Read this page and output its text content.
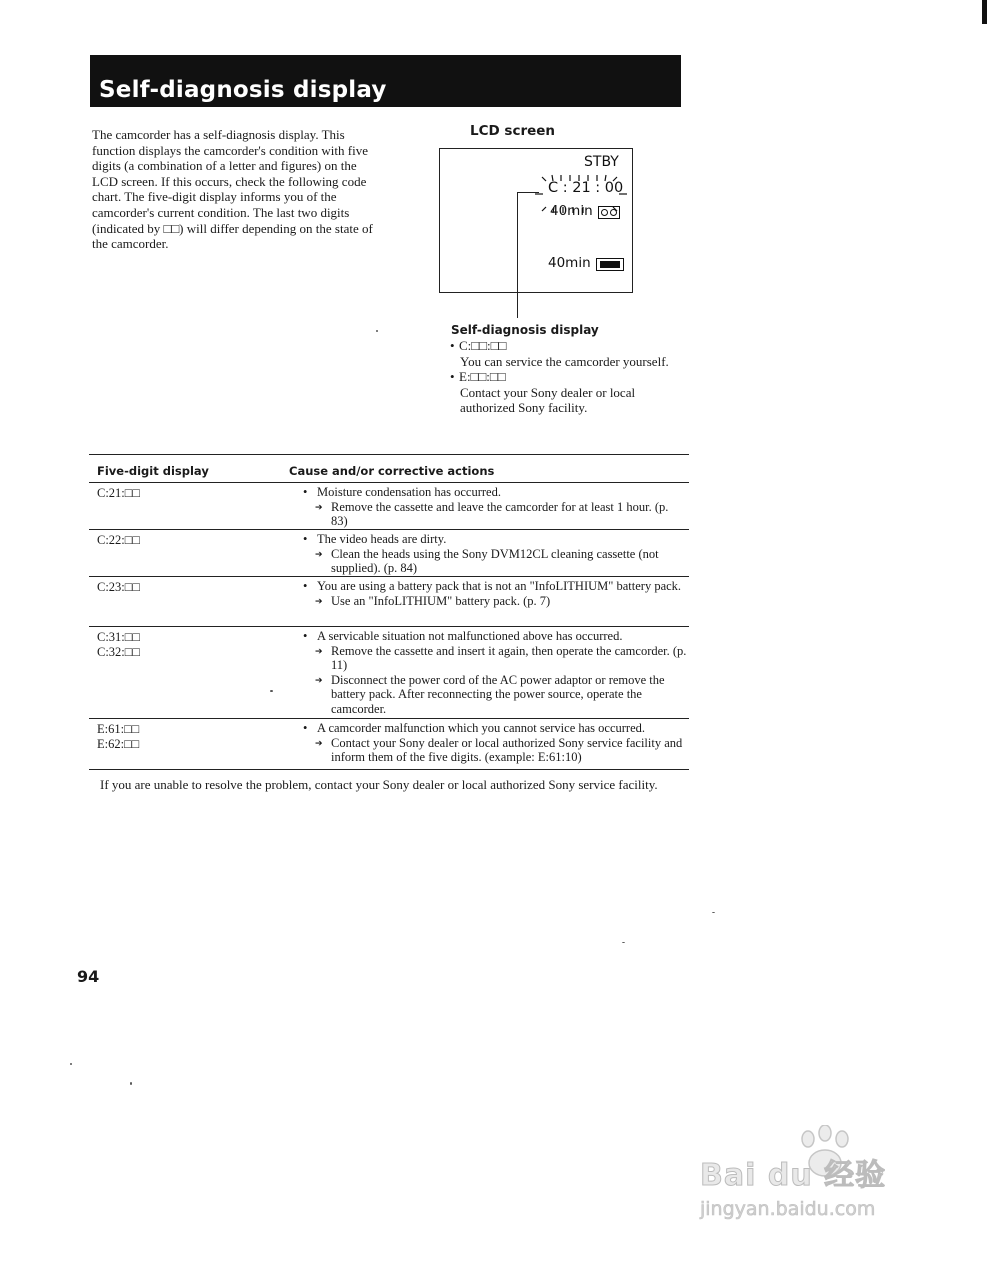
Self-diagnosis display

The camcorder has a self-diagnosis display. This function displays the camcorder's condition with five digits (a combination of a letter and figures) on the LCD screen. If this occurs, check the following code chart. The five-digit display informs you of the camcorder's current condition. The last two digits (indicated by □□) will differ depending on the state of the camcorder.

LCD screen
STBY
C : 21 : 00
40min
40min
Self-diagnosis display

• C:□□:□□

You can service the camcorder yourself.

• E:□□:□□

Contact your Sony dealer or local authorized Sony facility.

Five-digit display	Cause and/or corrective actions
C:21:□□	• Moisture condensation has occurred.
➔ Remove the cassette and leave the camcorder for at least 1 hour. (p. 83)
C:22:□□	• The video heads are dirty.
➔ Clean the heads using the Sony DVM12CL cleaning cassette (not supplied). (p. 84)
C:23:□□	• You are using a battery pack that is not an "InfoLITHIUM" battery pack.
➔ Use an "InfoLITHIUM" battery pack. (p. 7)
C:31:□□
C:32:□□
• A servicable situation not malfunctioned above has occurred.
➔ Remove the cassette and insert it again, then operate the camcorder. (p. 11)
➔ Disconnect the power cord of the AC power adaptor or remove the battery pack. After reconnecting the power source, operate the camcorder.
E:61:□□
E:62:□□
• A camcorder malfunction which you cannot service has occurred.
➔ Contact your Sony dealer or local authorized Sony service facility and inform them of the five digits. (example: E:61:10)
If you are unable to resolve the problem, contact your Sony dealer or local authorized Sony service facility.
94
Bai du 经验
jingyan.baidu.com
